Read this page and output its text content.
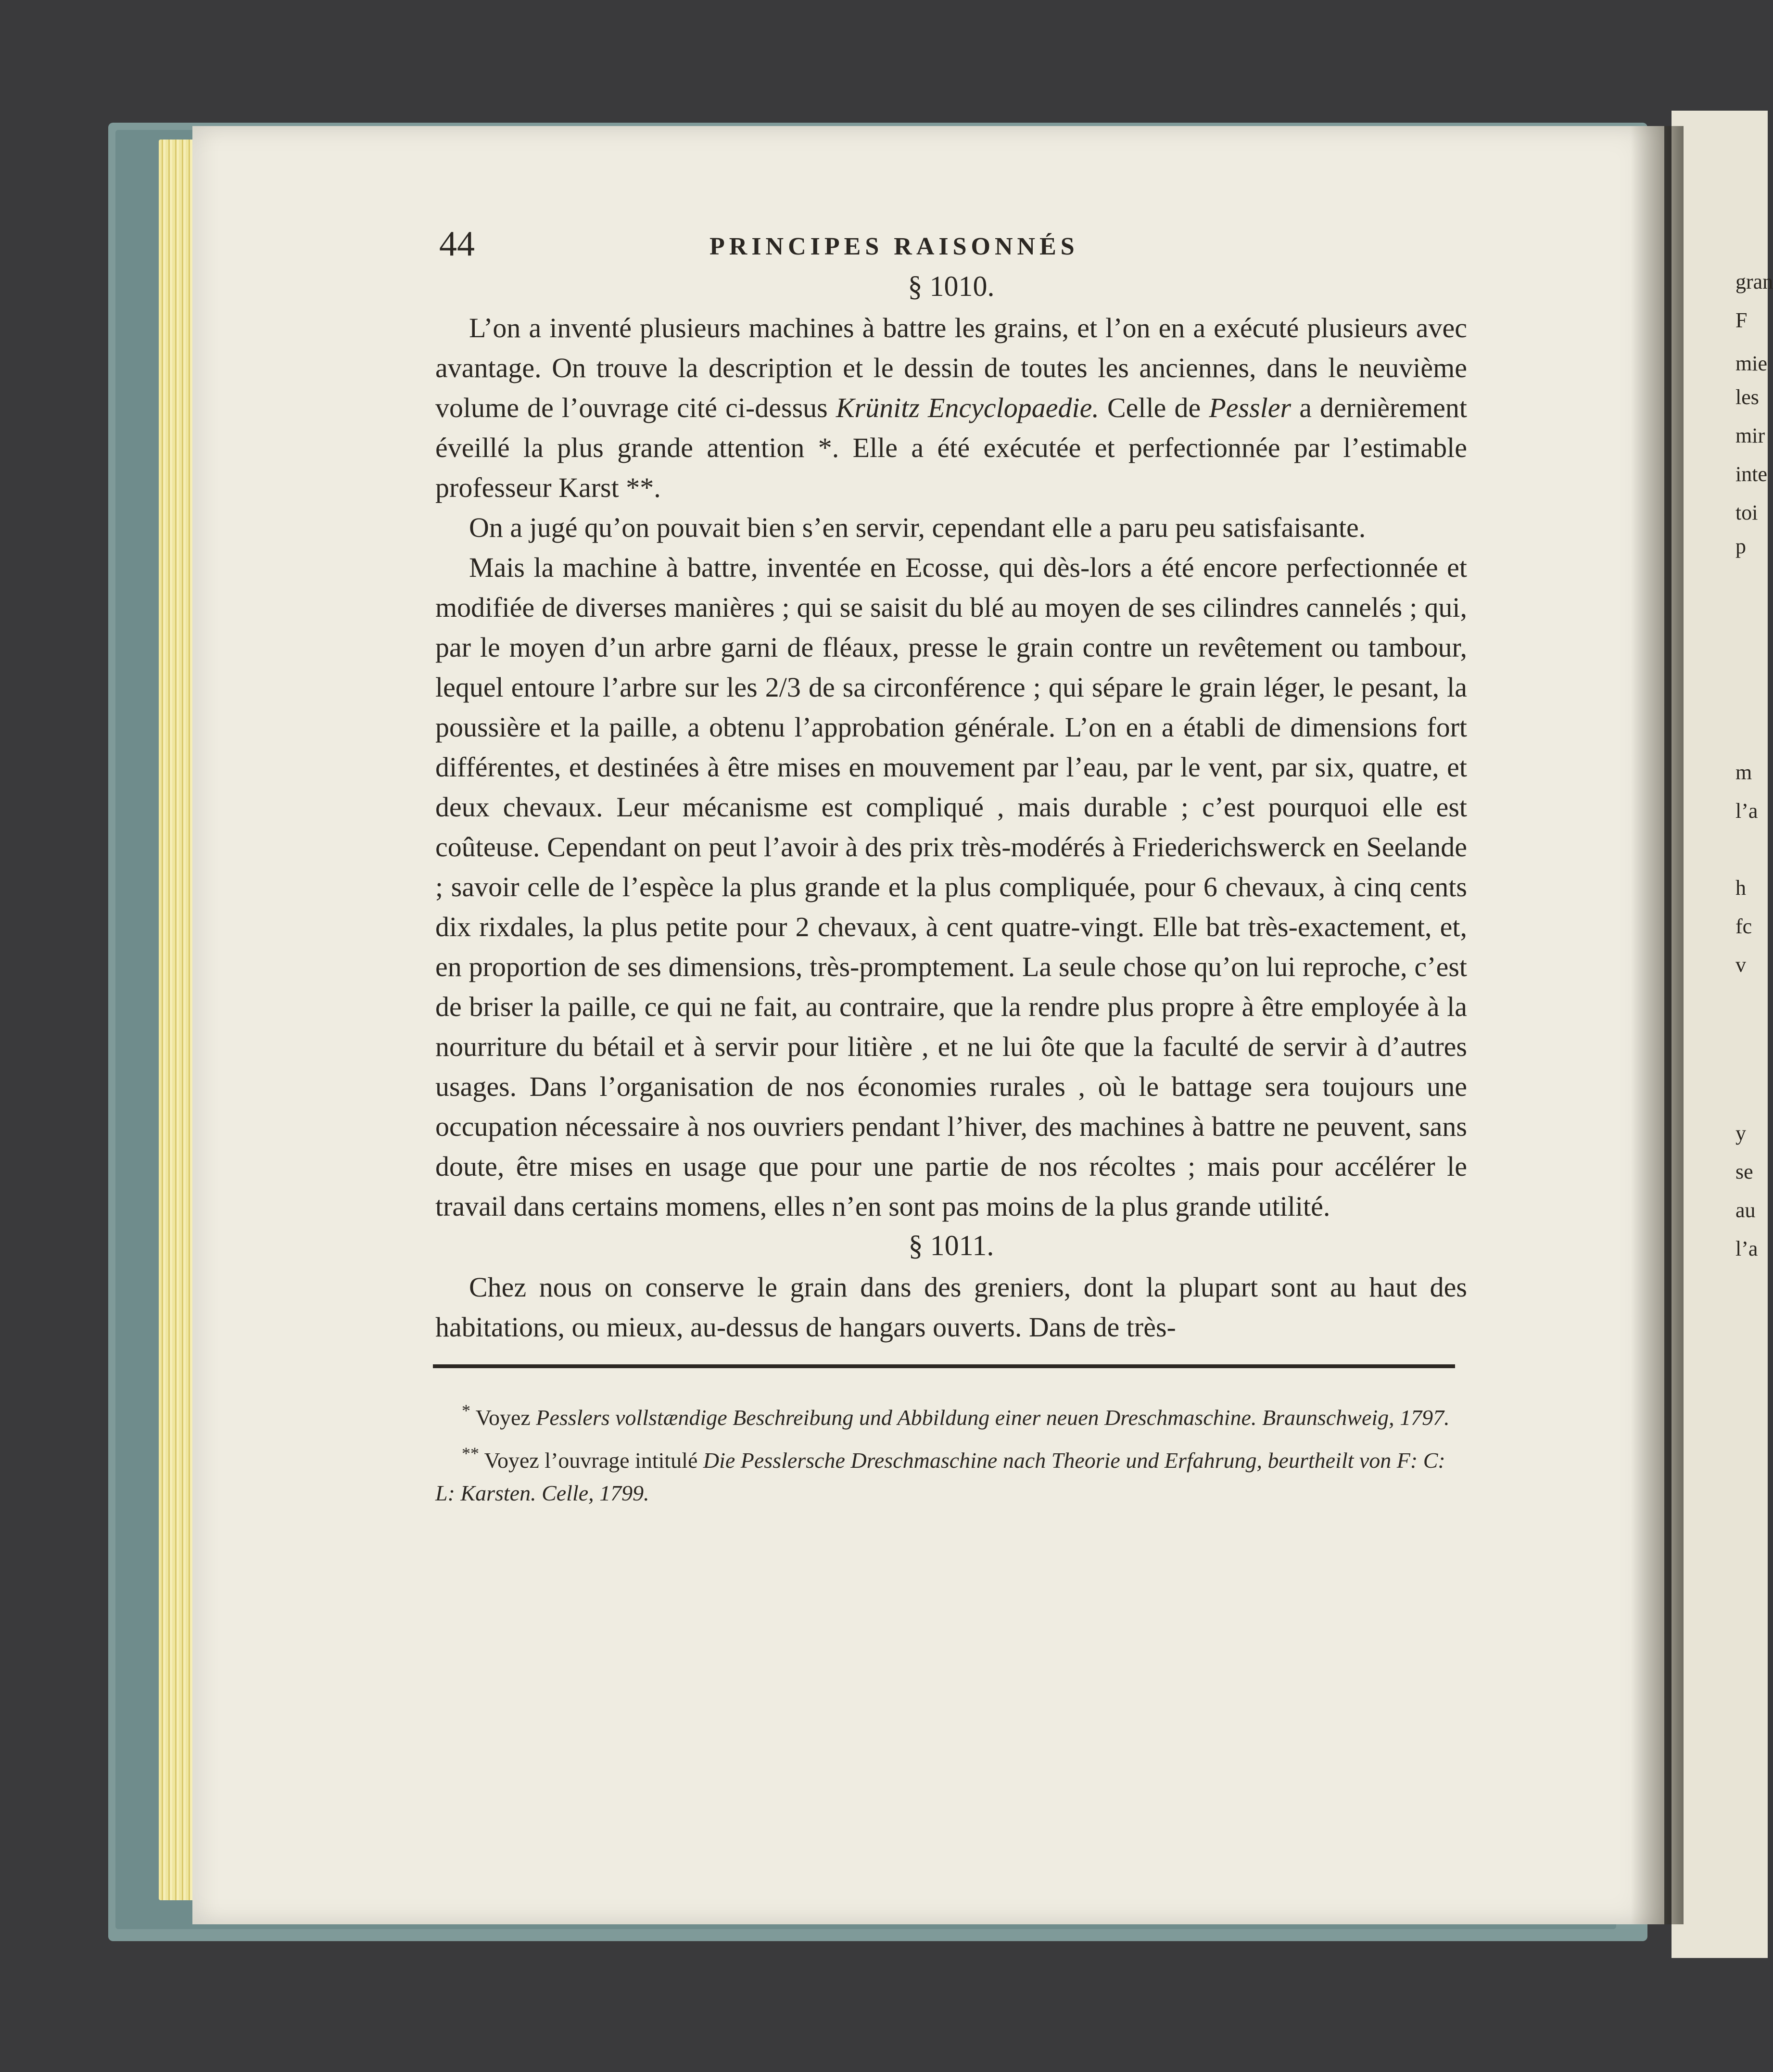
gran
F
mie
les
mir
inte
toi
p
m
l’a
h
fc
v
y
se
au
l’a
44	PRINCIPES RAISONNÉS
§ 1010.

L’on a inventé plusieurs machines à battre les grains, et l’on en a exécuté plusieurs avec avantage. On trouve la description et le dessin de toutes les anciennes, dans le neuvième volume de l’ouvrage cité ci-dessus Krünitz Encyclopaedie. Celle de Pessler a dernièrement éveillé la plus grande attention *. Elle a été exécutée et perfectionnée par l’estimable professeur Karst **.

On a jugé qu’on pouvait bien s’en servir, cependant elle a paru peu satisfaisante.

Mais la machine à battre, inventée en Ecosse, qui dès-lors a été encore perfectionnée et modifiée de diverses manières ; qui se saisit du blé au moyen de ses cilindres cannelés ; qui, par le moyen d’un arbre garni de fléaux, presse le grain contre un revêtement ou tambour, lequel entoure l’arbre sur les 2/3 de sa circonférence ; qui sépare le grain léger, le pesant, la poussière et la paille, a obtenu l’approbation générale. L’on en a établi de dimensions fort différentes, et destinées à être mises en mouvement par l’eau, par le vent, par six, quatre, et deux chevaux. Leur mécanisme est compliqué , mais durable ; c’est pourquoi elle est coûteuse. Cependant on peut l’avoir à des prix très-modérés à Friederichswerck en Seelande ; savoir celle de l’espèce la plus grande et la plus compliquée, pour 6 chevaux, à cinq cents dix rixdales, la plus petite pour 2 chevaux, à cent quatre-vingt. Elle bat très-exactement, et, en proportion de ses dimensions, très-promptement. La seule chose qu’on lui reproche, c’est de briser la paille, ce qui ne fait, au contraire, que la rendre plus propre à être employée à la nourriture du bétail et à servir pour litière , et ne lui ôte que la faculté de servir à d’autres usages. Dans l’organisation de nos économies rurales , où le battage sera toujours une occupation nécessaire à nos ouvriers pendant l’hiver, des machines à battre ne peuvent, sans doute, être mises en usage que pour une partie de nos récoltes ; mais pour accélérer le travail dans certains momens, elles n’en sont pas moins de la plus grande utilité.

§ 1011.

Chez nous on conserve le grain dans des greniers, dont la plupart sont au haut des habitations, ou mieux, au-dessus de hangars ouverts. Dans de très-

* Voyez Pesslers vollstændige Beschreibung und Abbildung einer neuen Dreschmaschine. Braunschweig, 1797.

** Voyez l’ouvrage intitulé Die Pesslersche Dreschmaschine nach Theorie und Erfahrung, beurtheilt von F: C: L: Karsten. Celle, 1799.
